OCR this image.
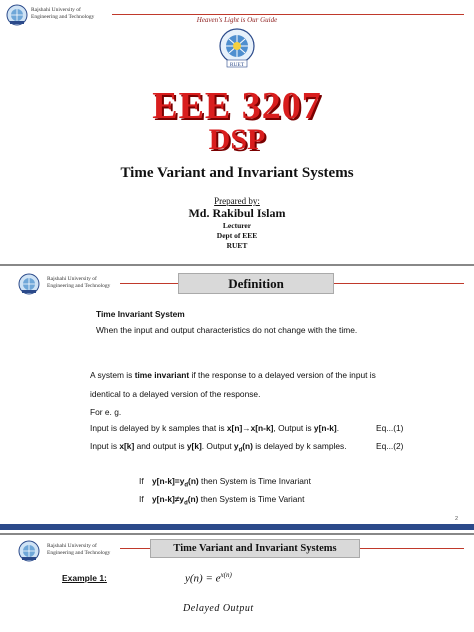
Rajshahi University of
Engineering and Technology	Heaven's Light is Our Guide
RUET
EEE 3207
DSP
Time Variant and Invariant Systems
Prepared by:
Md. Rakibul Islam
Lecturer
Dept of EEE
RUET
Rajshahi University of
Engineering and Technology	Definition
Time Invariant System
When the input and output characteristics do not change with the time.
A system is time invariant if the response to a delayed version of the input is
identical to a delayed version of the response.
For e. g.
Input is delayed by k samples that is x[n]→x[n-k], Output is y[n-k].	Eq...(1)
Input is x[k] and output is y[k]. Output $y_d(n)$ is delayed by k samples.	Eq...(2)
If $y[n-k]=y_d(n)$ then System is Time Invariant
If $y[n-k]\ne y_d(n)$ then System is Time Variant
2
Rajshahi University of
Engineering and Technology	Time Variant and Invariant Systems
Example 1:	$y(n) = e^{x(n)}$
Delayed Output
